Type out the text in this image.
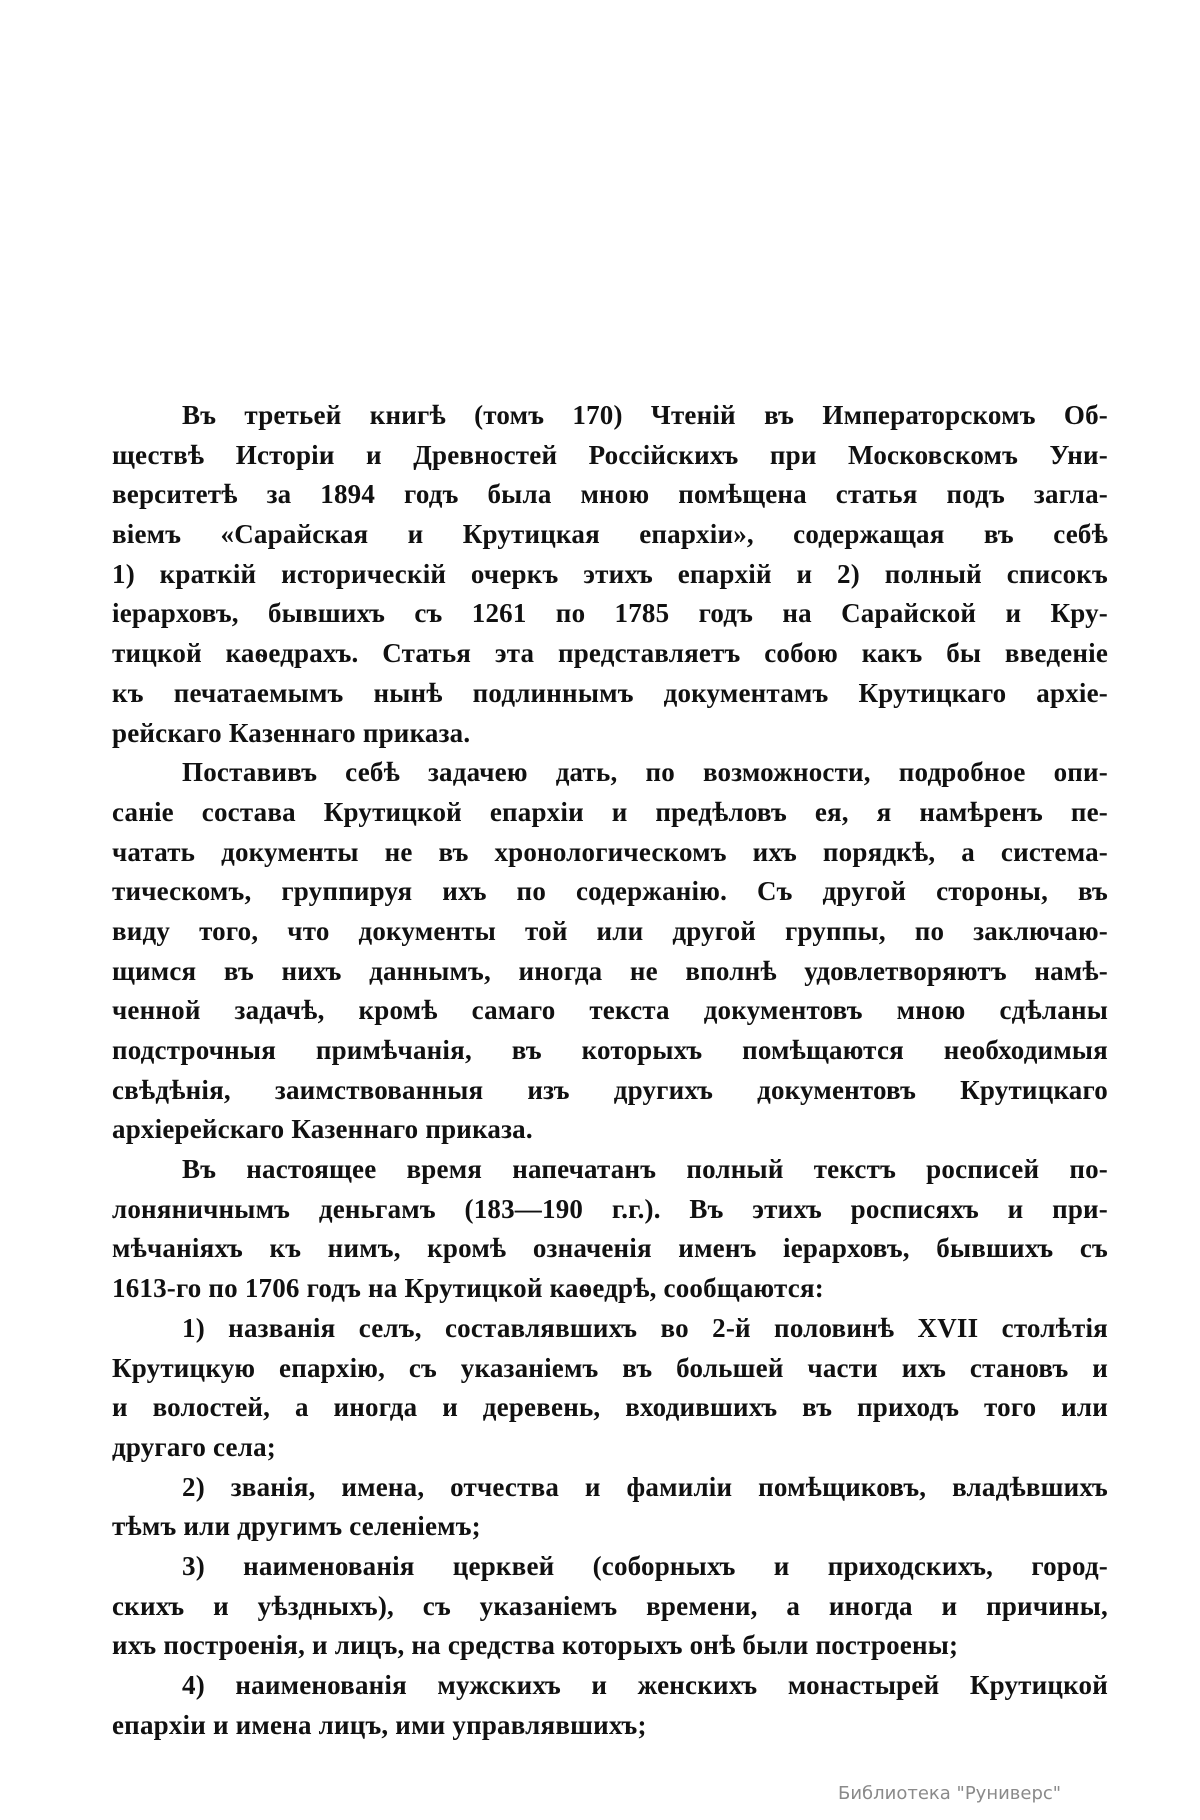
Въ третьей книгѣ (томъ 170) Чтеній въ Императорскомъ Об-
ществѣ Исторіи и Древностей Россійскихъ при Московскомъ Уни-
верситетѣ за 1894 годъ была мною помѣщена статья подъ загла-
віемъ «Сарайская и Крутицкая епархіи», содержащая въ себѣ
1) краткій историческій очеркъ этихъ епархій и 2) полный списокъ
іерарховъ, бывшихъ съ 1261 по 1785 годъ на Сарайской и Кру-
тицкой каѳедрахъ. Статья эта представляетъ собою какъ бы введеніе
къ печатаемымъ нынѣ подлиннымъ документамъ Крутицкаго архіе-
рейскаго Казеннаго приказа.
Поставивъ себѣ задачею дать, по возможности, подробное опи-
саніе состава Крутицкой епархіи и предѣловъ ея, я намѣренъ пе-
чатать документы не въ хронологическомъ ихъ порядкѣ, а система-
тическомъ, группируя ихъ по содержанію. Съ другой стороны, въ
виду того, что документы той или другой группы, по заключаю-
щимся въ нихъ даннымъ, иногда не вполнѣ удовлетворяютъ намѣ-
ченной задачѣ, кромѣ самаго текста документовъ мною сдѣланы
подстрочныя примѣчанія, въ которыхъ помѣщаются необходимыя
свѣдѣнія, заимствованныя изъ другихъ документовъ Крутицкаго
архіерейскаго Казеннаго приказа.
Въ настоящее время напечатанъ полный текстъ росписей по-
лоняничнымъ деньгамъ (183—190 г.г.). Въ этихъ росписяхъ и при-
мѣчаніяхъ къ нимъ, кромѣ означенія именъ іерарховъ, бывшихъ съ
1613-го по 1706 годъ на Крутицкой каѳедрѣ, сообщаются:
1) названія селъ, составлявшихъ во 2-й половинѣ XVII столѣтія
Крутицкую епархію, съ указаніемъ въ большей части ихъ становъ и
и волостей, а иногда и деревень, входившихъ въ приходъ того или
другаго села;
2) званія, имена, отчества и фамиліи помѣщиковъ, владѣвшихъ
тѣмъ или другимъ селеніемъ;
3) наименованія церквей (соборныхъ и приходскихъ, город-
скихъ и уѣздныхъ), съ указаніемъ времени, а иногда и причины,
ихъ построенія, и лицъ, на средства которыхъ онѣ были построены;
4) наименованія мужскихъ и женскихъ монастырей Крутицкой
епархіи и имена лицъ, ими управлявшихъ;
Библиотека "Руниверс"
